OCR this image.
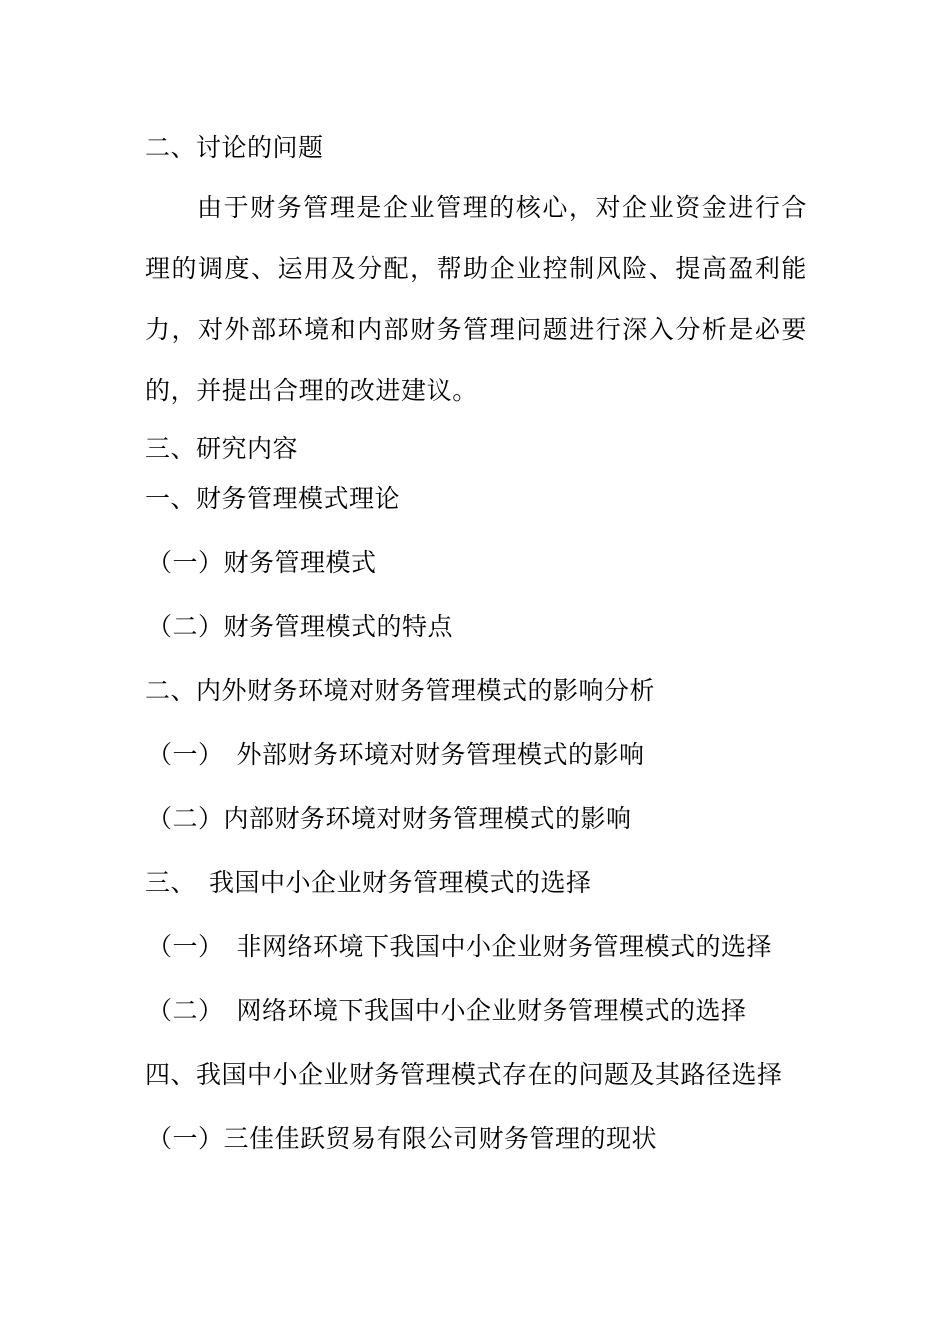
二、讨论的问题

由于财务管理是企业管理的核心，对企业资金进行合理的调度、运用及分配，帮助企业控制风险、提高盈利能力，对外部环境和内部财务管理问题进行深入分析是必要的，并提出合理的改进建议。

三、研究内容
一、财务管理模式理论
（一）财务管理模式
（二）财务管理模式的特点
二、内外财务环境对财务管理模式的影响分析
（一）　外部财务环境对财务管理模式的影响
（二）内部财务环境对财务管理模式的影响
三、　我国中小企业财务管理模式的选择
（一）　非网络环境下我国中小企业财务管理模式的选择
（二）　网络环境下我国中小企业财务管理模式的选择
四、我国中小企业财务管理模式存在的问题及其路径选择
（一）三佳佳跃贸易有限公司财务管理的现状
